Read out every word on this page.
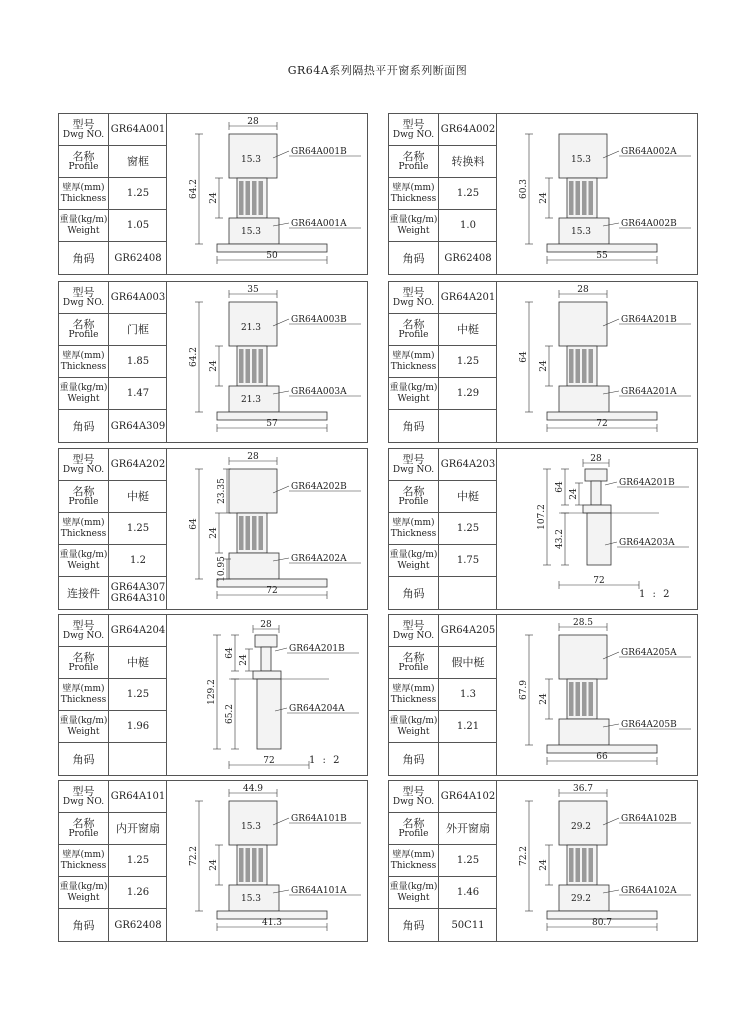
GR64A系列隔热平开窗系列断面图
型号
Dwg NO. GR64A001
名称
Profile	窗框
壁厚(mm)
Thickness	1.25
重量(kg/m)
Weight	1.05
角码	GR62408
28
15.3
15.3
64.2 24
50
GR64A001B
GR64A001A
型号
Dwg NO. GR64A002
名称
Profile	转换料
壁厚(mm)
Thickness	1.25
重量(kg/m)
Weight	1.0
角码	GR62408
15.3
15.3
60.3 24
55
GR64A002A
GR64A002B
型号
Dwg NO. GR64A003
名称
Profile	门框
壁厚(mm)
Thickness	1.85
重量(kg/m)
Weight	1.47
角码 GR64A309
35
21.3
21.3
64.2 24
57
GR64A003B
GR64A003A
型号
Dwg NO. GR64A201
名称
Profile	中梃
壁厚(mm)
Thickness	1.25
重量(kg/m)
Weight	1.29
角码
28
64
24
72
GR64A201B
GR64A201A
型号
Dwg NO. GR64A202
名称
Profile	中梃
壁厚(mm)
Thickness	1.25
重量(kg/m)
Weight	1.2
连接件 GR64A307
GR64A310
28
64
24
23.35
10.95
72
GR64A202B
GR64A202A
型号
Dwg NO. GR64A203
名称
Profile	中梃
壁厚(mm)
Thickness	1.25
重量(kg/m)
Weight	1.75
角码
28
107.2
64
24
43.2
72
GR64A201B
GR64A203A
1 : 2
型号
Dwg NO. GR64A204
名称
Profile	中梃
壁厚(mm)
Thickness	1.25
重量(kg/m)
Weight	1.96
角码
28
129.2
64
24
65.2
72
GR64A201B
GR64A204A
1 : 2
型号
Dwg NO. GR64A205
名称
Profile	假中梃
壁厚(mm)
Thickness	1.3
重量(kg/m)
Weight	1.21
角码
28.5
67.9 24
66
GR64A205A
GR64A205B
型号
Dwg NO. GR64A101
名称
Profile	内开窗扇
壁厚(mm)
Thickness	1.25
重量(kg/m)
Weight	1.26
角码	GR62408
44.9
15.3
15.3
72.2 24
41.3
GR64A101B
GR64A101A
型号
Dwg NO. GR64A102
名称
Profile	外开窗扇
壁厚(mm)
Thickness	1.25
重量(kg/m)
Weight	1.46
角码	50C11
36.7
29.2
29.2
72.2 24
80.7
GR64A102B
GR64A102A
